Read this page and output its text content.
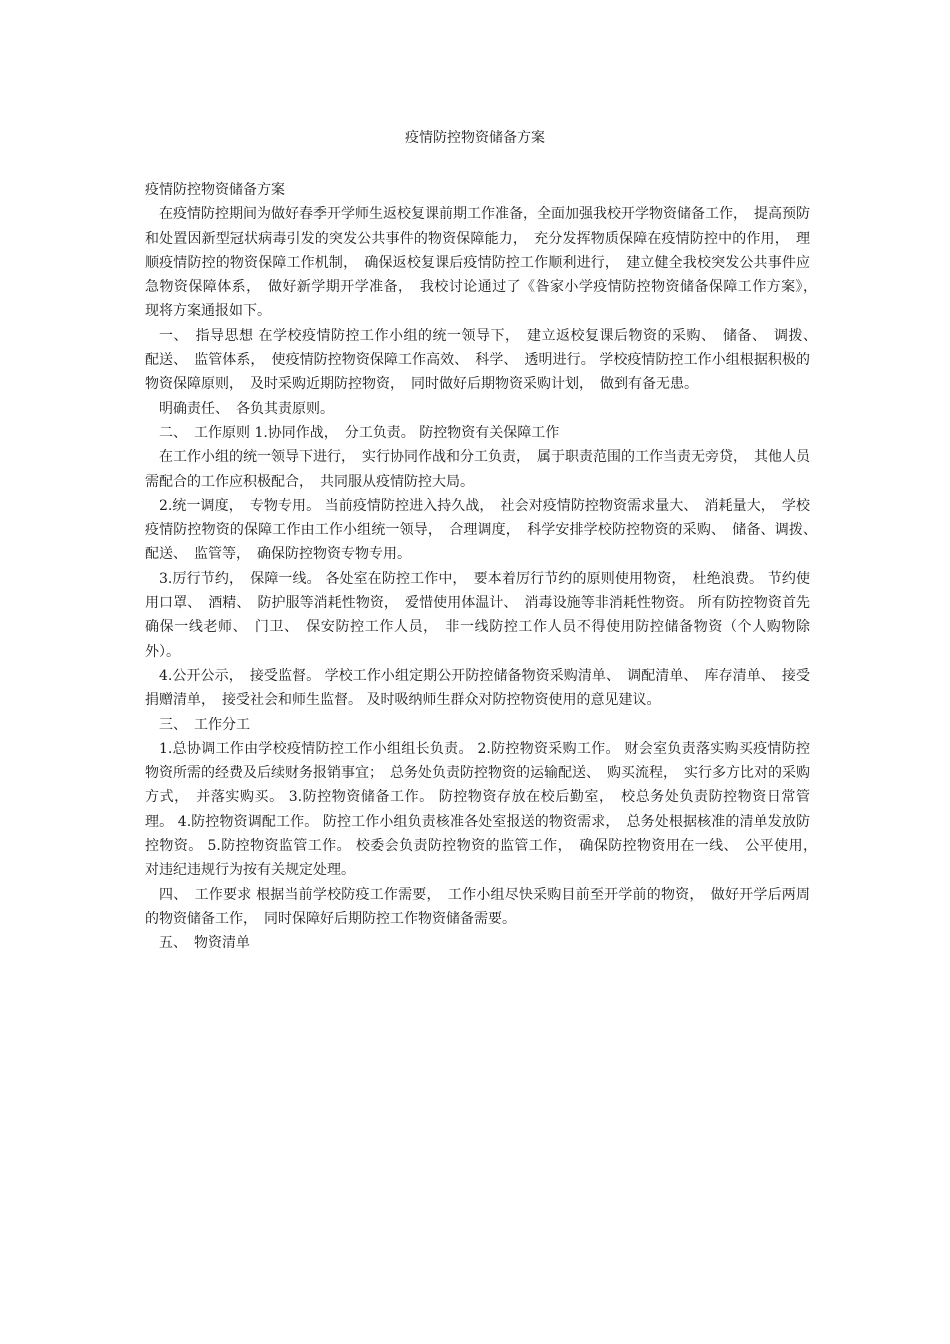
疫情防控物资储备方案

疫情防控物资储备方案

在疫情防控期间为做好春季开学师生返校复课前期工作准备，全面加强我校开学物资储备工作，　提高预防和处置因新型冠状病毒引发的突发公共事件的物资保障能力，　充分发挥物质保障在疫情防控中的作用，　理顺疫情防控的物资保障工作机制，　确保返校复课后疫情防控工作顺利进行，　建立健全我校突发公共事件应急物资保障体系，　做好新学期开学准备，　我校讨论通过了《昝家小学疫情防控物资储备保障工作方案》，　现将方案通报如下。

一、　指导思想 在学校疫情防控工作小组的统一领导下，　建立返校复课后物资的采购、　储备、　调拨、　配送、　监管体系，　使疫情防控物资保障工作高效、　科学、　透明进行。 学校疫情防控工作小组根据积极的物资保障原则，　及时采购近期防控物资，　同时做好后期物资采购计划，　做到有备无患。

明确责任、　各负其责原则。

二、　工作原则 1.协同作战，　分工负责。 防控物资有关保障工作

在工作小组的统一领导下进行，　实行协同作战和分工负责，　属于职责范围的工作当责无旁贷，　其他人员需配合的工作应积极配合，　共同服从疫情防控大局。

2.统一调度，　专物专用。 当前疫情防控进入持久战，　社会对疫情防控物资需求量大、　消耗量大，　学校疫情防控物资的保障工作由工作小组统一领导，　合理调度，　科学安排学校防控物资的采购、　储备、调拨、　配送、　监管等，　确保防控物资专物专用。

3.厉行节约，　保障一线。 各处室在防控工作中，　要本着厉行节约的原则使用物资，　杜绝浪费。 节约使用口罩、　酒精、　防护服等消耗性物资，　爱惜使用体温计、　消毒设施等非消耗性物资。 所有防控物资首先确保一线老师、　门卫、　保安防控工作人员，　非一线防控工作人员不得使用防控储备物资（个人购物除外）。

4.公开公示，　接受监督。 学校工作小组定期公开防控储备物资采购清单、　调配清单、　库存清单、　接受捐赠清单，　接受社会和师生监督。 及时吸纳师生群众对防控物资使用的意见建议。

三、　工作分工

1.总协调工作由学校疫情防控工作小组组长负责。 2.防控物资采购工作。 财会室负责落实购买疫情防控物资所需的经费及后续财务报销事宜；　总务处负责防控物资的运输配送、　购买流程，　实行多方比对的采购方式，　并落实购买。 3.防控物资储备工作。 防控物资存放在校后勤室，　校总务处负责防控物资日常管理。 4.防控物资调配工作。 防控工作小组负责核准各处室报送的物资需求，　总务处根据核准的清单发放防控物资。 5.防控物资监管工作。 校委会负责防控物资的监管工作，　确保防控物资用在一线、　公平使用，　对违纪违规行为按有关规定处理。

四、　工作要求 根据当前学校防疫工作需要，　工作小组尽快采购目前至开学前的物资，　做好开学后两周的物资储备工作，　同时保障好后期防控工作物资储备需要。

五、　物资清单
